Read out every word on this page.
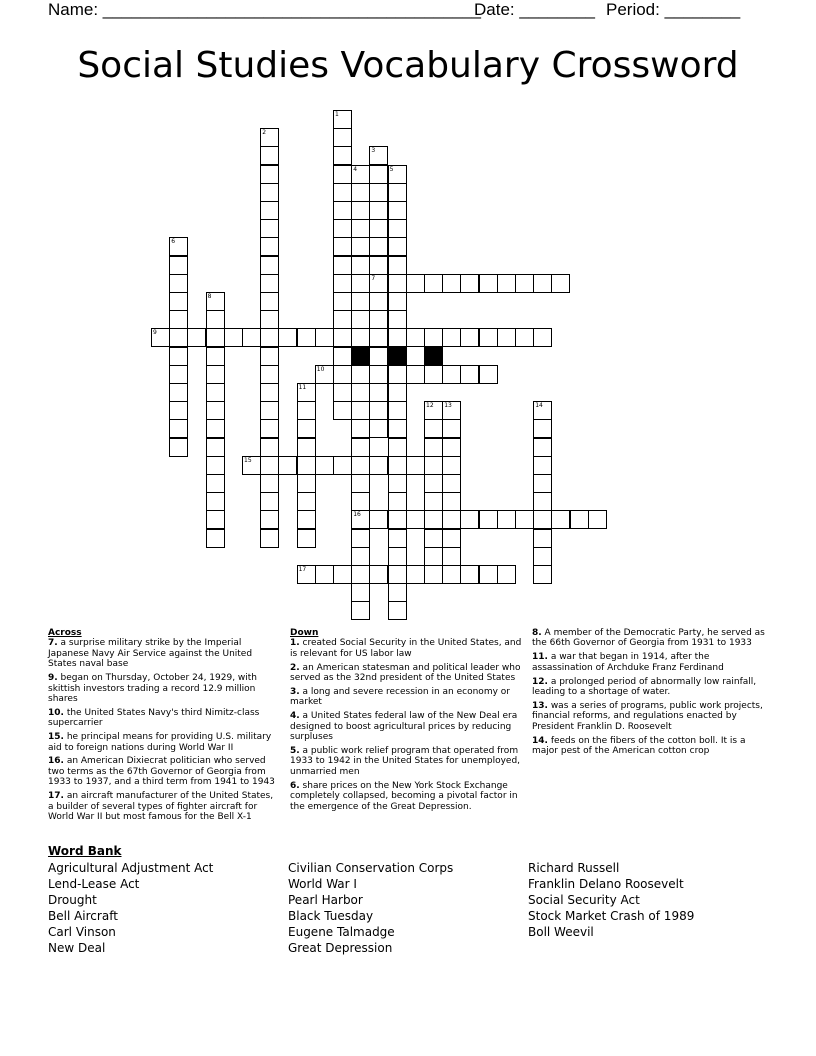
Name: ________________________________________
Date: ________ Period: ________
Social Studies Vocabulary Crossword
1
2
3
7
4
16
5
6
8
9
10
11
12 13	14
15
17
Across
7. a surprise military strike by the Imperial Japanese Navy Air Service against the United States naval base
9. began on Thursday, October 24, 1929, with skittish investors trading a record 12.9 million shares
10. the United States Navy's third Nimitz-class supercarrier
15. he principal means for providing U.S. military aid to foreign nations during World War II
16. an American Dixiecrat politician who served two terms as the 67th Governor of Georgia from 1933 to 1937, and a third term from 1941 to 1943
17. an aircraft manufacturer of the United States, a builder of several types of fighter aircraft for World War II but most famous for the Bell X-1
Down
1. created Social Security in the United States, and is relevant for US labor law
2. an American statesman and political leader who served as the 32nd president of the United States
3. a long and severe recession in an economy or market
4. a United States federal law of the New Deal era designed to boost agricultural prices by reducing surpluses
5. a public work relief program that operated from 1933 to 1942 in the United States for unemployed, unmarried men
6. share prices on the New York Stock Exchange completely collapsed, becoming a pivotal factor in the emergence of the Great Depression.
8. A member of the Democratic Party, he served as the 66th Governor of Georgia from 1931 to 1933
11. a war that began in 1914, after the assassination of Archduke Franz Ferdinand
12. a prolonged period of abnormally low rainfall, leading to a shortage of water.
13. was a series of programs, public work projects, financial reforms, and regulations enacted by President Franklin D. Roosevelt
14. feeds on the fibers of the cotton boll. It is a major pest of the American cotton crop
Word Bank
Agricultural Adjustment Act
Lend-Lease Act
Drought
Bell Aircraft
Carl Vinson
New Deal
Civilian Conservation Corps
World War I
Pearl Harbor
Black Tuesday
Eugene Talmadge
Great Depression
Richard Russell
Franklin Delano Roosevelt
Social Security Act
Stock Market Crash of 1989
Boll Weevil
